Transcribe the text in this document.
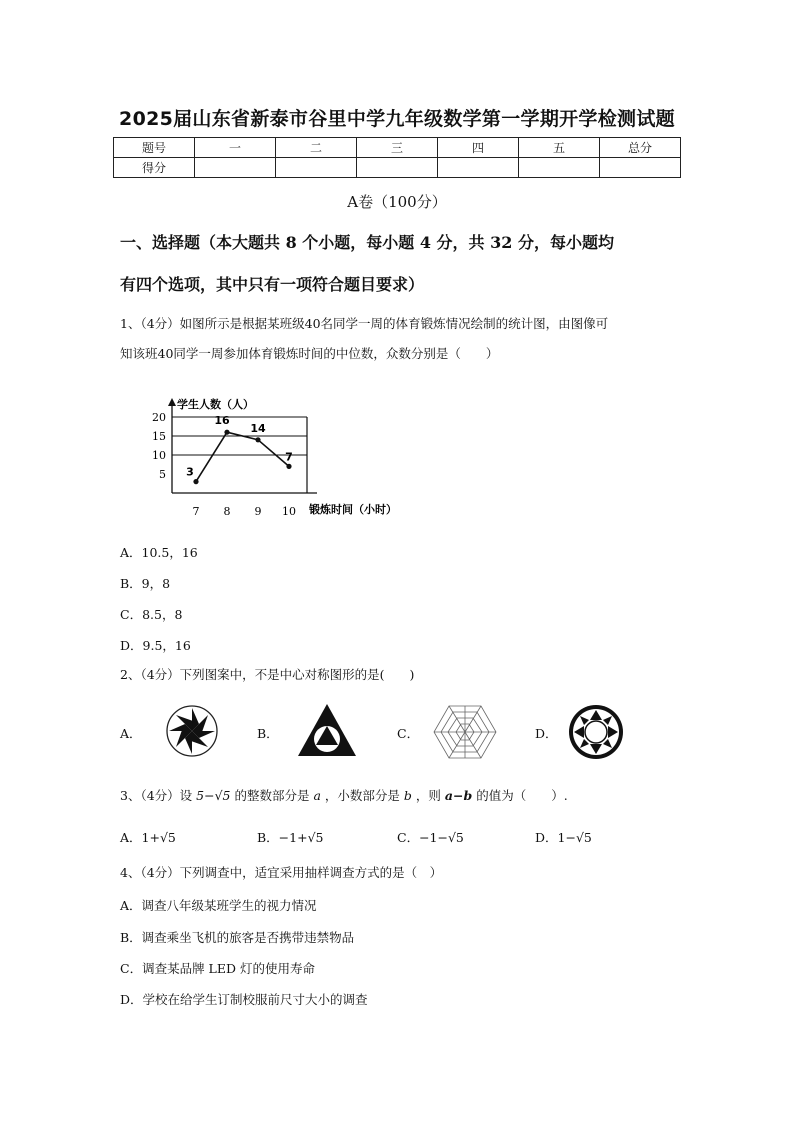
2025届山东省新泰市谷里中学九年级数学第一学期开学检测试题
题号	一	二	三	四	五	总分
得分						
A卷（100分）
一、选择题（本大题共 8 个小题，每小题 4 分，共 32 分，每小题均
有四个选项，其中只有一项符合题目要求）
1、（4分）如图所示是根据某班级40名同学一周的体育锻炼情况绘制的统计图，由图像可
知该班40同学一周参加体育锻炼时间的中位数，众数分别是（　　）
5
10
15
20
学生人数（人）
锻炼时间（小时）
7 8 9 10
3
16
14
7
A．10.5，16
B．9，8
C．8.5，8
D．9.5，16
2、（4分）下列图案中，不是中心对称图形的是(　　)
A．	B．	C．	D．
3、（4分）设 5−√5 的整数部分是 a ，小数部分是 b ，则 a−b 的值为（　　）.
A．1+√5	B．−1+√5	C．−1−√5	D．1−√5
4、（4分）下列调查中，适宜采用抽样调查方式的是（　）
A．调查八年级某班学生的视力情况
B．调查乘坐飞机的旅客是否携带违禁物品
C．调查某品牌 LED 灯的使用寿命
D．学校在给学生订制校服前尺寸大小的调查
